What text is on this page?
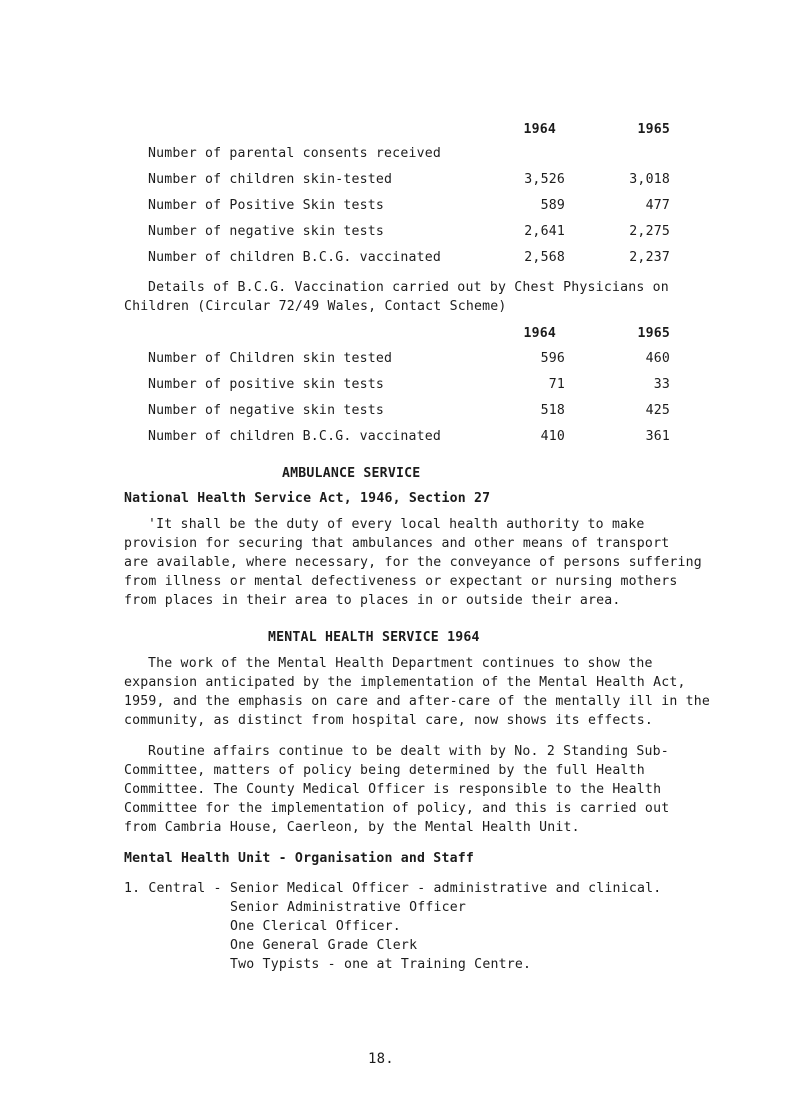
1964	1965
Number of parental consents received
Number of children skin-tested	3,526	3,018
Number of Positive Skin tests	589	477
Number of negative skin tests	2,641	2,275
Number of children B.C.G. vaccinated	2,568	2,237
Details of B.C.G. Vaccination carried out by Chest Physicians on
Children (Circular 72/49 Wales, Contact Scheme)
1964	1965
Number of Children skin tested	596	460
Number of positive skin tests	71	33
Number of negative skin tests	518	425
Number of children B.C.G. vaccinated	410	361
AMBULANCE SERVICE
National Health Service Act, 1946, Section 27
'It shall be the duty of every local health authority to make
provision for securing that ambulances and other means of transport
are available, where necessary, for the conveyance of persons suffering
from illness or mental defectiveness or expectant or nursing mothers
from places in their area to places in or outside their area.
MENTAL HEALTH SERVICE 1964
The work of the Mental Health Department continues to show the
expansion anticipated by the implementation of the Mental Health Act,
1959, and the emphasis on care and after-care of the mentally ill in the
community, as distinct from hospital care, now shows its effects.
Routine affairs continue to be dealt with by No. 2 Standing Sub-
Committee, matters of policy being determined by the full Health
Committee. The County Medical Officer is responsible to the Health
Committee for the implementation of policy, and this is carried out
from Cambria House, Caerleon, by the Mental Health Unit.
Mental Health Unit - Organisation and Staff
1. Central - Senior Medical Officer - administrative and clinical.
Senior Administrative Officer
One Clerical Officer.
One General Grade Clerk
Two Typists - one at Training Centre.
18.
